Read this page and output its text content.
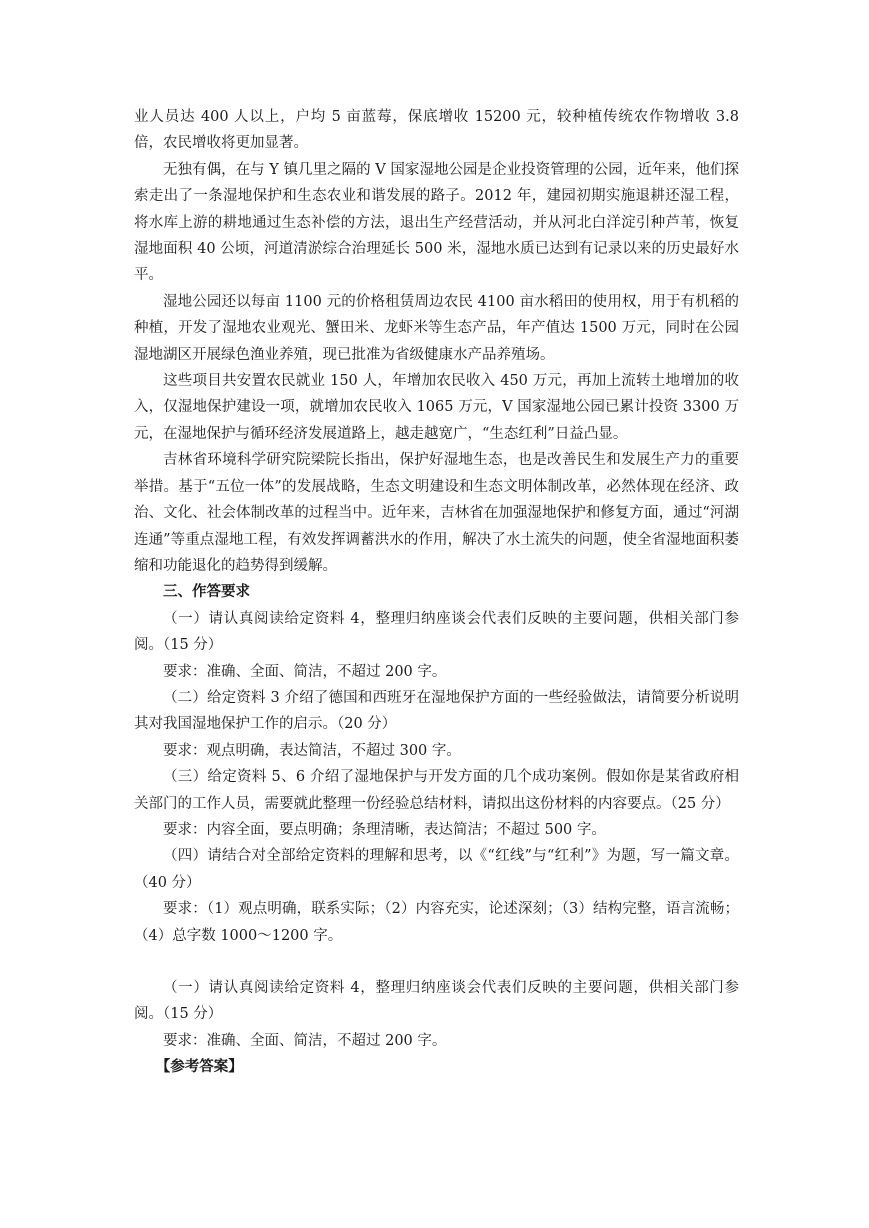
业人员达 400 人以上，户均 5 亩蓝莓，保底增收 15200 元，较种植传统农作物增收 3.8 倍，农民增收将更加显著。

无独有偶，在与 Y 镇几里之隔的 V 国家湿地公园是企业投资管理的公园，近年来，他们探索走出了一条湿地保护和生态农业和谐发展的路子。2012 年，建园初期实施退耕还湿工程，将水库上游的耕地通过生态补偿的方法，退出生产经营活动，并从河北白洋淀引种芦苇，恢复湿地面积 40 公顷，河道清淤综合治理延长 500 米，湿地水质已达到有记录以来的历史最好水平。

湿地公园还以每亩 1100 元的价格租赁周边农民 4100 亩水稻田的使用权，用于有机稻的种植，开发了湿地农业观光、蟹田米、龙虾米等生态产品，年产值达 1500 万元，同时在公园湿地湖区开展绿色渔业养殖，现已批准为省级健康水产品养殖场。

这些项目共安置农民就业 150 人，年增加农民收入 450 万元，再加上流转土地增加的收入，仅湿地保护建设一项，就增加农民收入 1065 万元，V 国家湿地公园已累计投资 3300 万元，在湿地保护与循环经济发展道路上，越走越宽广，“生态红利”日益凸显。

吉林省环境科学研究院梁院长指出，保护好湿地生态，也是改善民生和发展生产力的重要举措。基于“五位一体”的发展战略，生态文明建设和生态文明体制改革，必然体现在经济、政治、文化、社会体制改革的过程当中。近年来，吉林省在加强湿地保护和修复方面，通过“河湖连通”等重点湿地工程，有效发挥调蓄洪水的作用，解决了水土流失的问题，使全省湿地面积萎缩和功能退化的趋势得到缓解。

三、作答要求

（一）请认真阅读给定资料 4，整理归纳座谈会代表们反映的主要问题，供相关部门参阅。（15 分）

要求：准确、全面、简洁，不超过 200 字。

（二）给定资料 3 介绍了德国和西班牙在湿地保护方面的一些经验做法，请简要分析说明其对我国湿地保护工作的启示。（20 分）

要求：观点明确，表达简洁，不超过 300 字。

（三）给定资料 5、6 介绍了湿地保护与开发方面的几个成功案例。假如你是某省政府相关部门的工作人员，需要就此整理一份经验总结材料，请拟出这份材料的内容要点。（25 分）

要求：内容全面，要点明确；条理清晰，表达简洁；不超过 500 字。

（四）请结合对全部给定资料的理解和思考，以《“红线”与“红利”》为题，写一篇文章。（40 分）

要求：（1）观点明确，联系实际；（2）内容充实，论述深刻；（3）结构完整，语言流畅；（4）总字数 1000～1200 字。

（一）请认真阅读给定资料 4，整理归纳座谈会代表们反映的主要问题，供相关部门参阅。（15 分）

要求：准确、全面、简洁，不超过 200 字。

【参考答案】
